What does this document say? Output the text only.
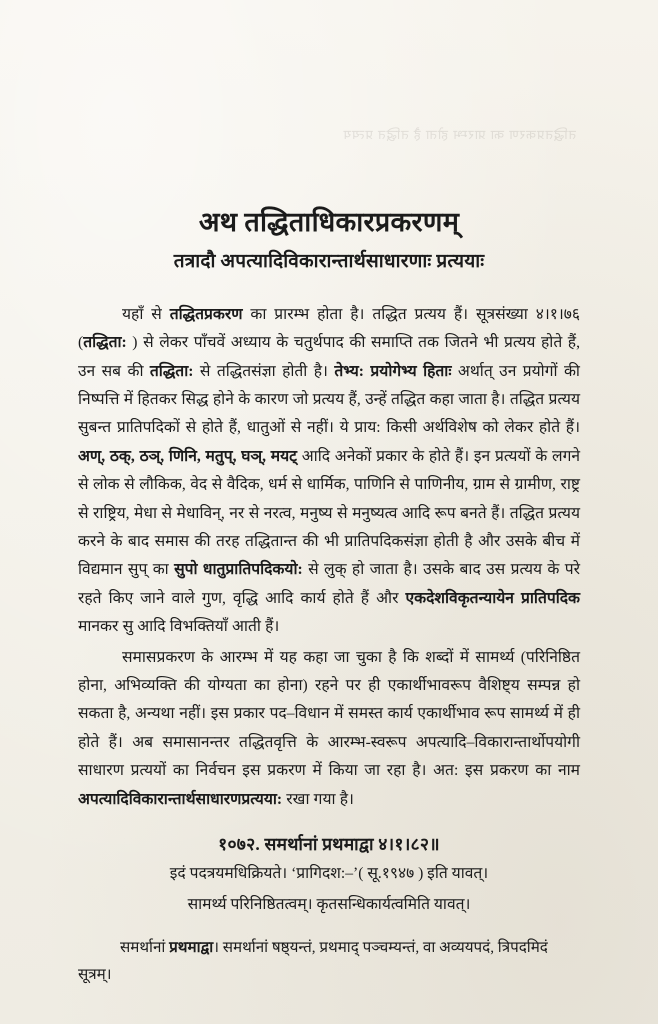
तद्धितप्रकरण का प्रारम्भ होता है तद्धित प्रत्यय
अथ तद्धिताधिकारप्रकरणम्
तत्रादौ अपत्यादिविकारान्तार्थसाधारणाः प्रत्ययाः

यहाँ से तद्धितप्रकरण का प्रारम्भ होता है। तद्धित प्रत्यय हैं। सूत्रसंख्या ४।१।७६ (तद्धिता: ) से लेकर पाँचवें अध्याय के चतुर्थपाद की समाप्ति तक जितने भी प्रत्यय होते हैं, उन सब की तद्धिता: से तद्धितसंज्ञा होती है। तेभ्य: प्रयोगेभ्य हिताः अर्थात् उन प्रयोगों की निष्पत्ति में हितकर सिद्ध होने के कारण जो प्रत्यय हैं, उन्हें तद्धित कहा जाता है। तद्धित प्रत्यय सुबन्त प्रातिपदिकों से होते हैं, धातुओं से नहीं। ये प्राय: किसी अर्थविशेष को लेकर होते हैं। अण्, ठक्, ठञ्, णिनि, मतुप्, घञ्, मयट् आदि अनेकों प्रकार के होते हैं। इन प्रत्ययों के लगने से लोक से लौकिक, वेद से वैदिक, धर्म से धार्मिक, पाणिनि से पाणिनीय, ग्राम से ग्रामीण, राष्ट्र से राष्ट्रिय, मेधा से मेधाविन्, नर से नरत्व, मनुष्य से मनुष्यत्व आदि रूप बनते हैं। तद्धित प्रत्यय करने के बाद समास की तरह तद्धितान्त की भी प्रातिपदिकसंज्ञा होती है और उसके बीच में विद्यमान सुप् का सुपो धातुप्रातिपदिकयो: से लुक् हो जाता है। उसके बाद उस प्रत्यय के परे रहते किए जाने वाले गुण, वृद्धि आदि कार्य होते हैं और एकदेशविकृतन्यायेन प्रातिपदिक मानकर सु आदि विभक्तियाँ आती हैं।

समासप्रकरण के आरम्भ में यह कहा जा चुका है कि शब्दों में सामर्थ्य (परिनिष्ठित होना, अभिव्यक्ति की योग्यता का होना) रहने पर ही एकार्थीभावरूप वैशिष्ट्य सम्पन्न हो सकता है, अन्यथा नहीं। इस प्रकार पद–विधान में समस्त कार्य एकार्थीभाव रूप सामर्थ्य में ही होते हैं। अब समासानन्तर तद्धितवृत्ति के आरम्भ-स्वरूप अपत्यादि–विकारान्तार्थोपयोगी साधारण प्रत्ययों का निर्वचन इस प्रकरण में किया जा रहा है। अत: इस प्रकरण का नाम अपत्यादिविकारान्तार्थसाधारणप्रत्यया: रखा गया है।

१०७२. समर्थानां प्रथमाद्वा ४।१।८२॥

इदं पदत्रयमधिक्रियते। ‘प्रागिदश:–’( सू.१९४७ ) इति यावत्।

सामर्थ्य परिनिष्ठितत्वम्। कृतसन्धिकार्यत्वमिति यावत्।

समर्थानां प्रथमाद्वा। समर्थानां षष्ठ्यन्तं, प्रथमाद् पञ्चम्यन्तं, वा अव्ययपदं, त्रिपदमिदं सूत्रम्।
